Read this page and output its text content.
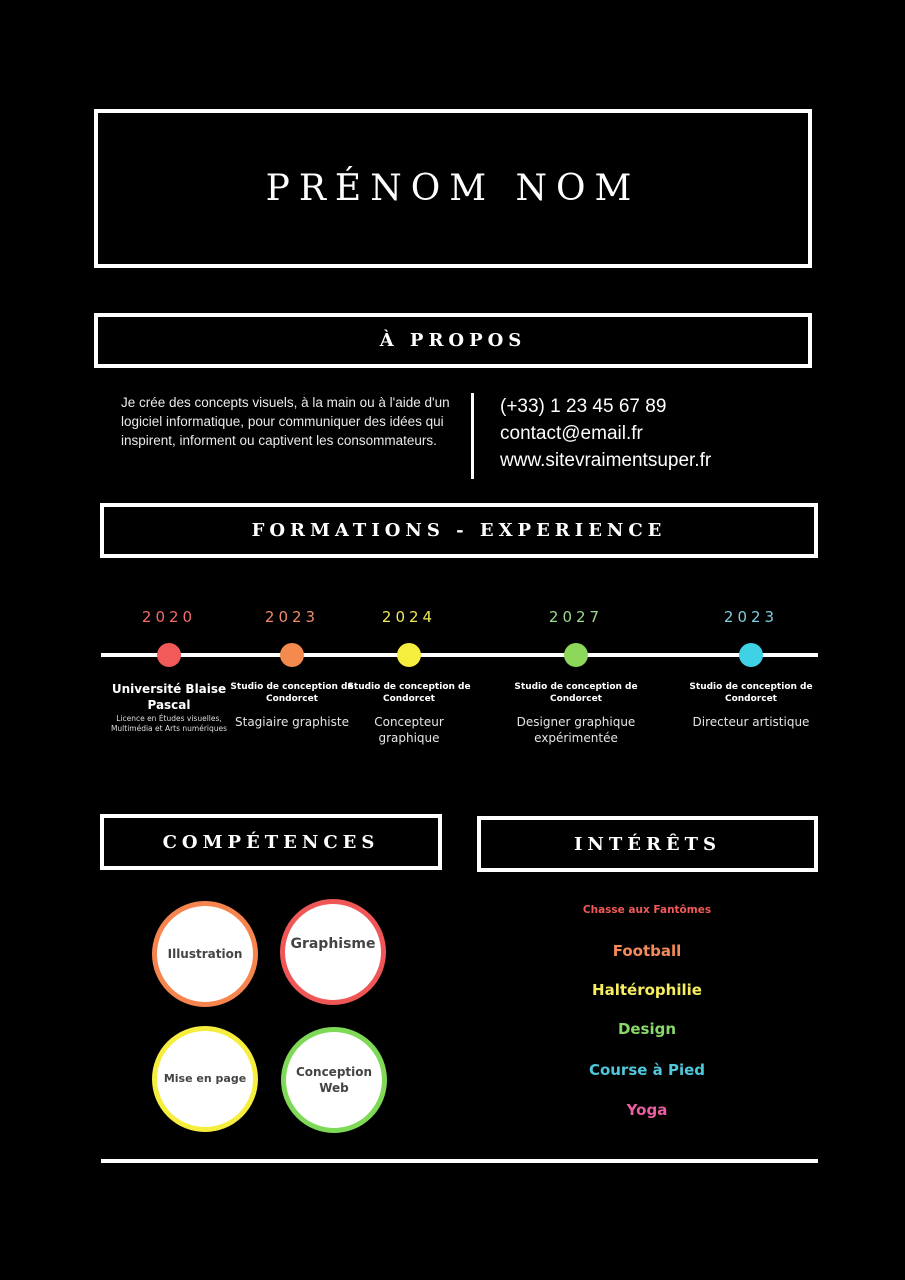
PRÉNOM NOM
À PROPOS

Je crée des concepts visuels, à la main ou à l'aide d'un logiciel informatique, pour communiquer des idées qui inspirent, informent ou captivent les consommateurs.

(+33) 1 23 45 67 89
contact@email.fr
www.sitevraimentsuper.fr
FORMATIONS - EXPERIENCE
2020
Université Blaise Pascal
Licence en Études visuelles, Multimédia et Arts numériques
2023
Studio de conception de Condorcet
Stagiaire graphiste
2024
Studio de conception de Condorcet
Concepteur graphique
2027
Studio de conception de Condorcet
Designer graphique expérimentée
2023
Studio de conception de Condorcet
Directeur artistique
COMPÉTENCES
Illustration
Graphisme
Mise en page	Conception Web
INTÉRÊTS
Chasse aux Fantômes
Football
Haltérophilie
Design
Course à Pied
Yoga
